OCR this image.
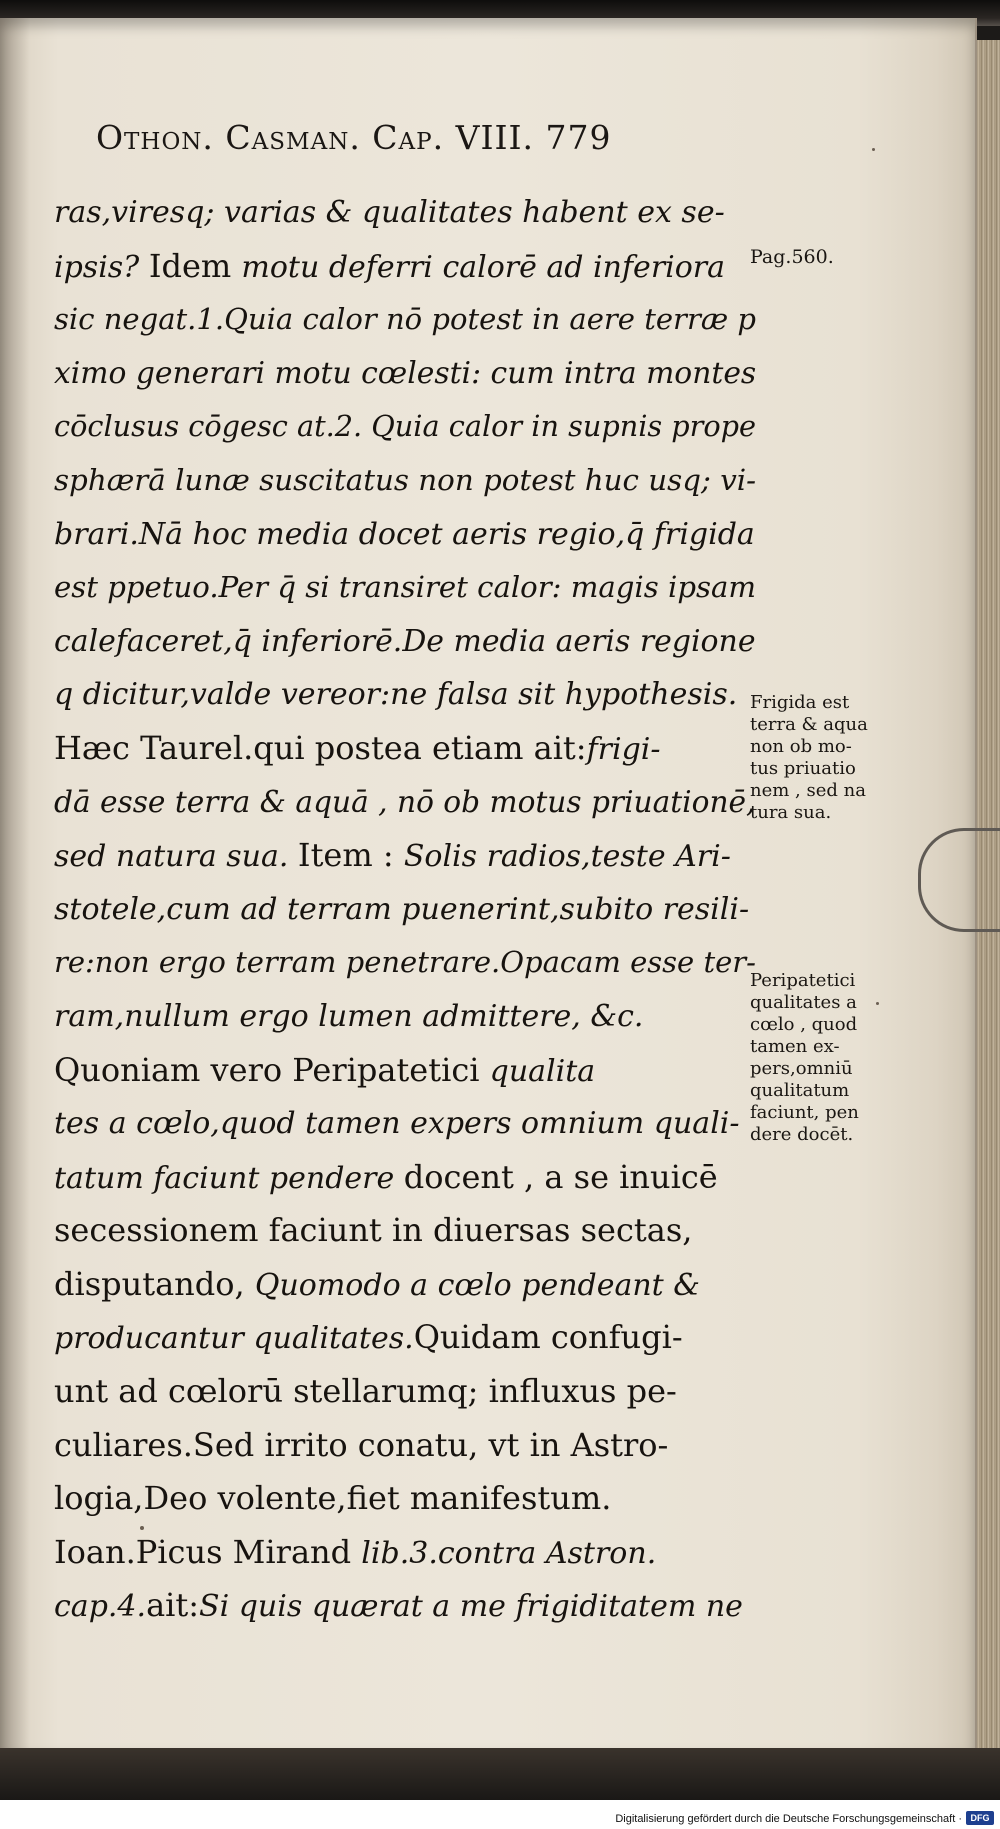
Othon. Casman. Cap. VIII. 779
ras,viresq; varias & qualitates habent ex se-
ipsis? Idem motu deferri calorē ad inferiora
sic negat.1.Quia calor nō potest in aere terræ p
ximo generari motu cœlesti: cum intra montes
cōclusus cōgesc at.2. Quia calor in supnis prope
sphærā lunæ suscitatus non potest huc usq; vi-
brari.Nā hoc media docet aeris regio,q̄ frigida
est ppetuo.Per q̄ si transiret calor: magis ipsam
calefaceret,q̄ inferiorē.De media aeris regione
q dicitur,valde vereor:ne falsa sit hypothesis.
Hæc Taurel.qui postea etiam ait:frigi-
dā esse terra & aquā , nō ob motus priuationē,
sed natura sua. Item : Solis radios,teste Ari-
stotele,cum ad terram puenerint,subito resili-
re:non ergo terram penetrare.Opacam esse ter-
ram,nullum ergo lumen admittere, &c.
Quoniam vero Peripatetici qualita
tes a cœlo,quod tamen expers omnium quali-
tatum faciunt pendere docent , a se inuicē
secessionem faciunt in diuersas sectas,
disputando, Quomodo a cœlo pendeant &
producantur qualitates.Quidam confugi-
unt ad cœlorū stellarumq; influxus pe-
culiares.Sed irrito conatu, vt in Astro-
logia,Deo volente,fiet manifestum.
Ioan.Picus Mirand lib.3.contra Astron.
cap.4.ait:Si quis quærat a me frigiditatem ne
Pag.560.
Frigida est
terra & aqua
non ob mo-
tus priuatio
nem , sed na
tura sua.
Peripatetici
qualitates a
cœlo , quod
tamen ex-
pers,omniū
qualitatum
faciunt, pen
dere docēt.
Digitalisierung gefördert durch die Deutsche Forschungsgemeinschaft · DFG
